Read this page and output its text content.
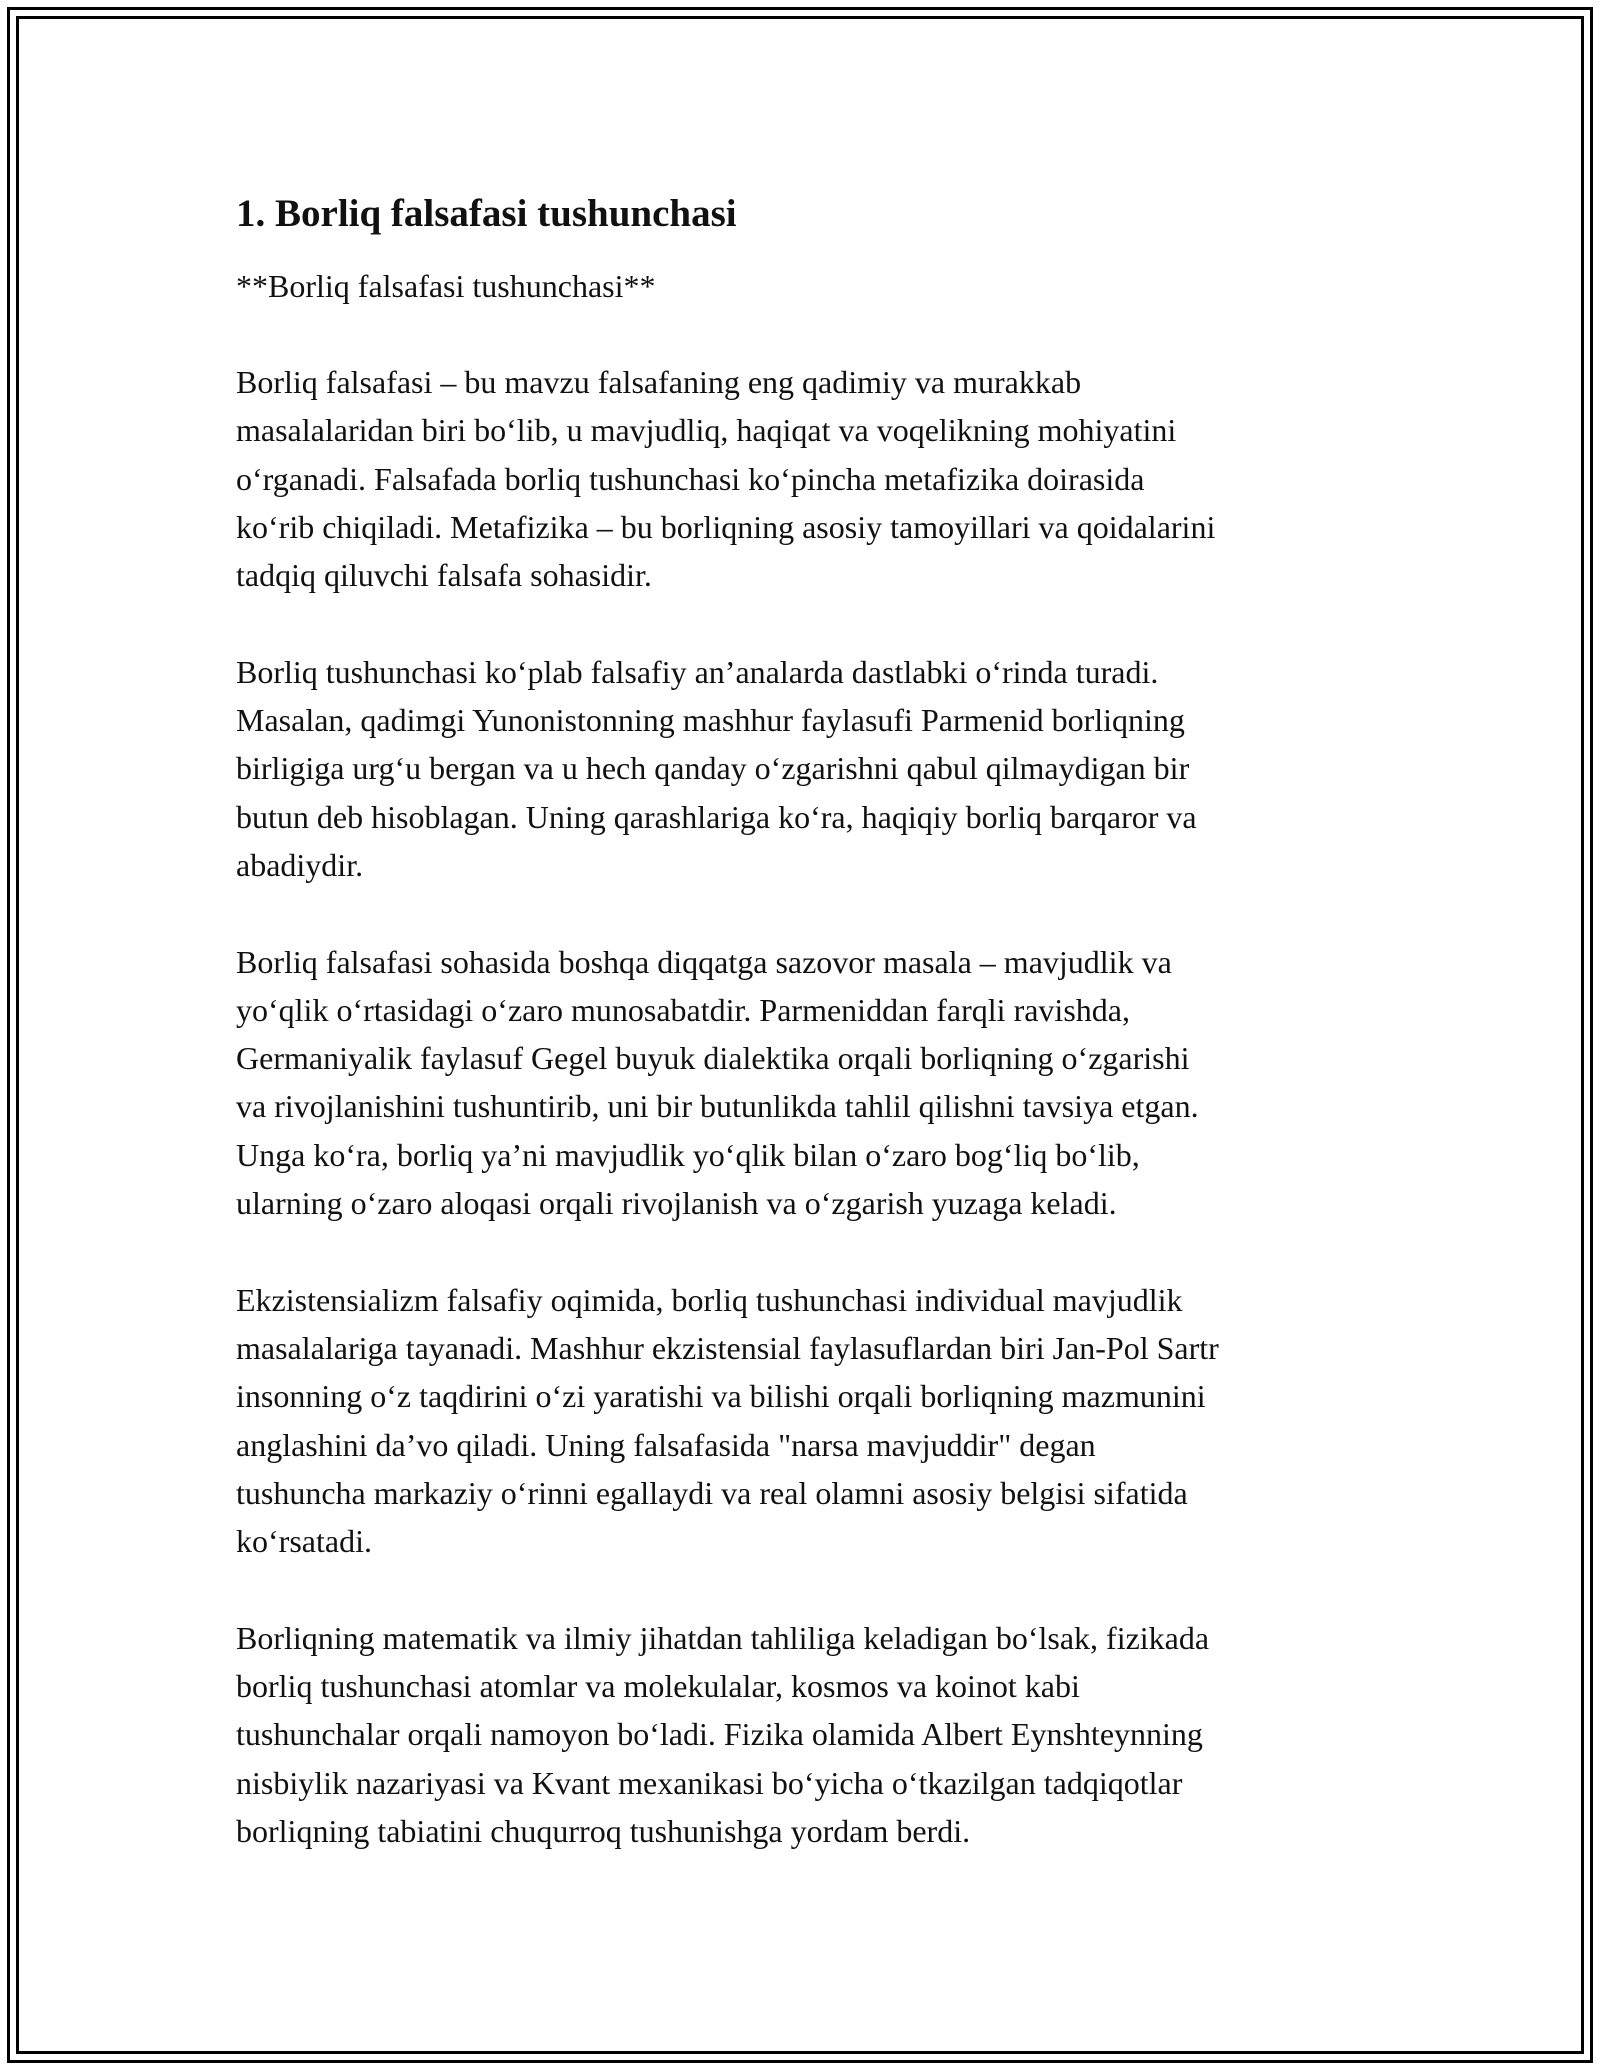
1. Borliq falsafasi tushunchasi

**Borliq falsafasi tushunchasi**

Borliq falsafasi – bu mavzu falsafaning eng qadimiy va murakkab
masalalaridan biri boʻlib, u mavjudliq, haqiqat va voqelikning mohiyatini
oʻrganadi. Falsafada borliq tushunchasi koʻpincha metafizika doirasida
koʻrib chiqiladi. Metafizika – bu borliqning asosiy tamoyillari va qoidalarini
tadqiq qiluvchi falsafa sohasidir.

Borliq tushunchasi koʻplab falsafiy an’analarda dastlabki oʻrinda turadi.
Masalan, qadimgi Yunonistonning mashhur faylasufi Parmenid borliqning
birligiga urgʻu bergan va u hech qanday oʻzgarishni qabul qilmaydigan bir
butun deb hisoblagan. Uning qarashlariga koʻra, haqiqiy borliq barqaror va
abadiydir.

Borliq falsafasi sohasida boshqa diqqatga sazovor masala – mavjudlik va
yoʻqlik oʻrtasidagi oʻzaro munosabatdir. Parmeniddan farqli ravishda,
Germaniyalik faylasuf Gegel buyuk dialektika orqali borliqning oʻzgarishi
va rivojlanishini tushuntirib, uni bir butunlikda tahlil qilishni tavsiya etgan.
Unga koʻra, borliq ya’ni mavjudlik yoʻqlik bilan oʻzaro bogʻliq boʻlib,
ularning oʻzaro aloqasi orqali rivojlanish va oʻzgarish yuzaga keladi.

Ekzistensializm falsafiy oqimida, borliq tushunchasi individual mavjudlik
masalalariga tayanadi. Mashhur ekzistensial faylasuflardan biri Jan-Pol Sartr
insonning oʻz taqdirini oʻzi yaratishi va bilishi orqali borliqning mazmunini
anglashini da’vo qiladi. Uning falsafasida "narsa mavjuddir" degan
tushuncha markaziy oʻrinni egallaydi va real olamni asosiy belgisi sifatida
koʻrsatadi.

Borliqning matematik va ilmiy jihatdan tahliliga keladigan boʻlsak, fizikada
borliq tushunchasi atomlar va molekulalar, kosmos va koinot kabi
tushunchalar orqali namoyon boʻladi. Fizika olamida Albert Eynshteynning
nisbiylik nazariyasi va Kvant mexanikasi boʻyicha oʻtkazilgan tadqiqotlar
borliqning tabiatini chuqurroq tushunishga yordam berdi.
